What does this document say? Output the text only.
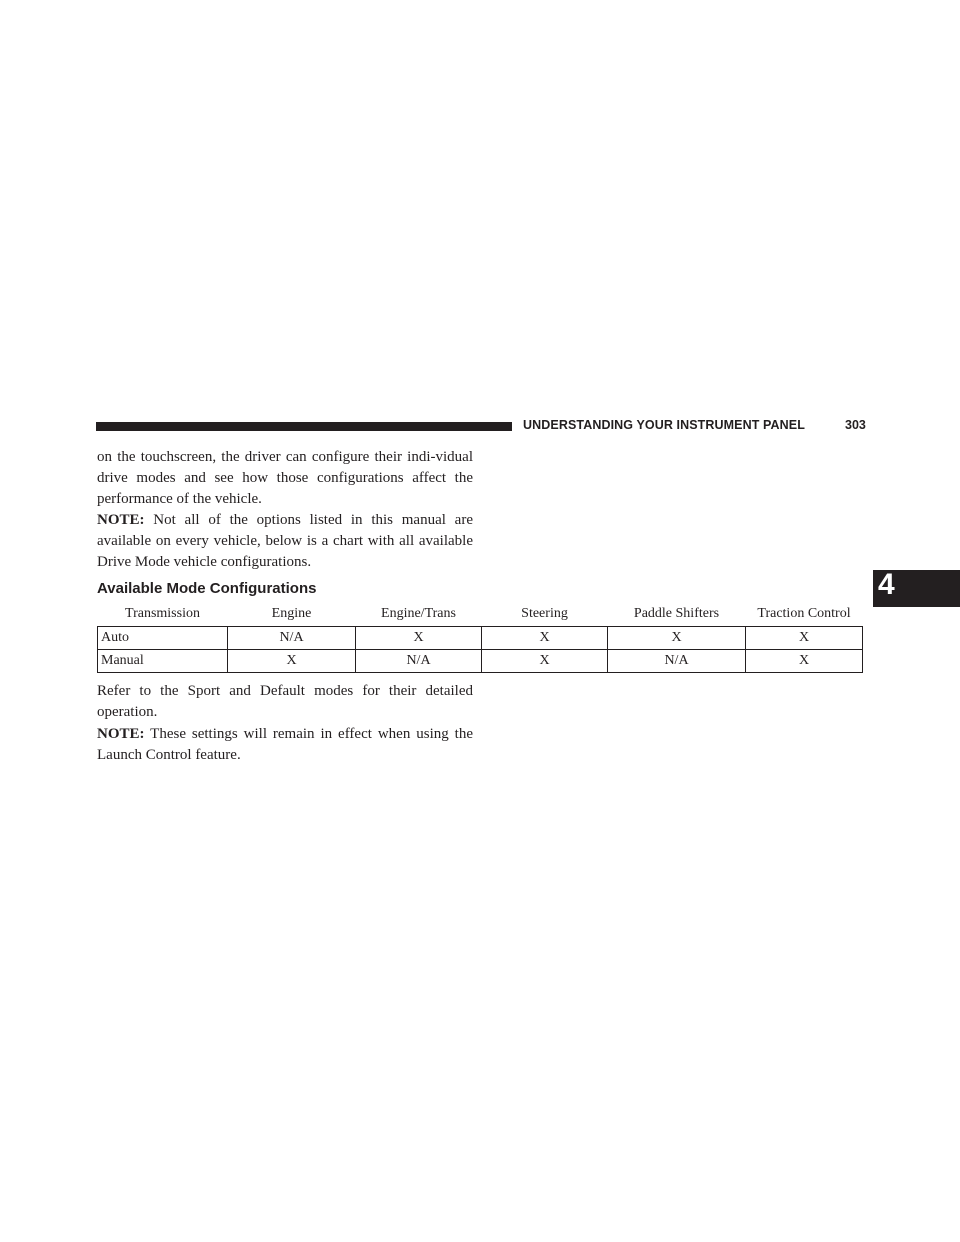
UNDERSTANDING YOUR INSTRUMENT PANEL	303
4

on the touchscreen, the driver can configure their indi-vidual drive modes and see how those configurations affect the performance of the vehicle.

NOTE: Not all of the options listed in this manual are available on every vehicle, below is a chart with all available Drive Mode vehicle configurations.

Available Mode Configurations
Transmission	Engine	Engine/Trans	Steering	Paddle Shifters	Traction Control
Auto	N/A	X	X	X	X
Manual	X	N/A	X	N/A	X

Refer to the Sport and Default modes for their detailed operation.

NOTE: These settings will remain in effect when using the Launch Control feature.
